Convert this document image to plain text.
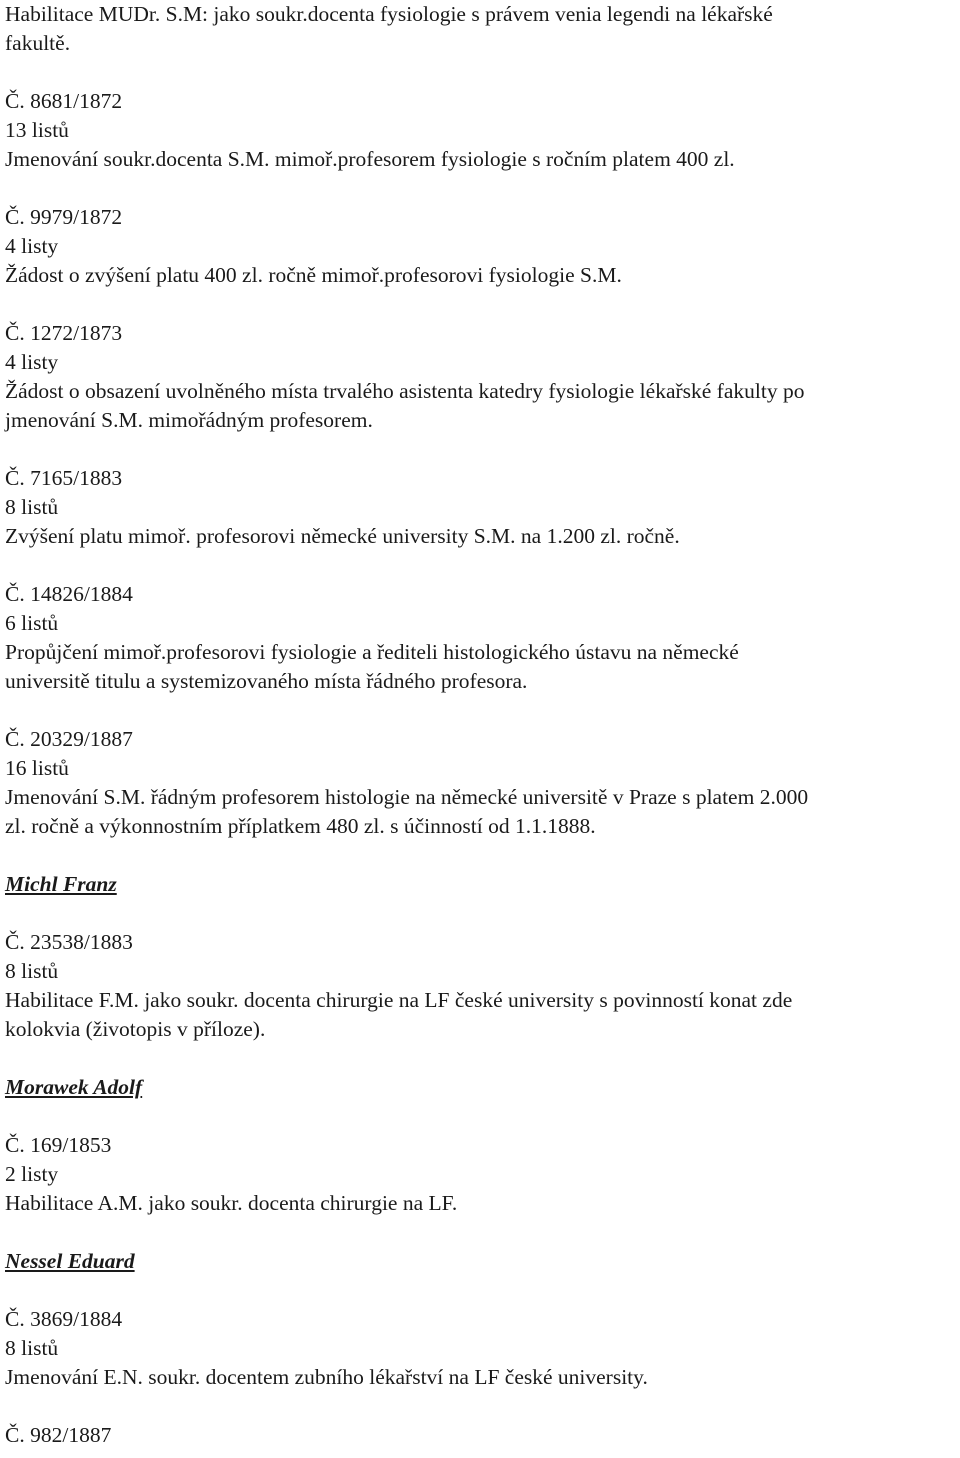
Habilitace MUDr. S.M: jako soukr.docenta fysiologie s právem venia legendi na lékařské
fakultě.
Č. 8681/1872
13 listů
Jmenování soukr.docenta S.M. mimoř.profesorem fysiologie s ročním platem 400 zl.
Č. 9979/1872
4 listy
Žádost o zvýšení platu 400 zl. ročně mimoř.profesorovi fysiologie S.M.
Č. 1272/1873
4 listy
Žádost o obsazení uvolněného místa trvalého asistenta katedry fysiologie lékařské fakulty po
jmenování S.M. mimořádným profesorem.
Č. 7165/1883
8 listů
Zvýšení platu mimoř. profesorovi německé university S.M. na 1.200 zl. ročně.
Č. 14826/1884
6 listů
Propůjčení mimoř.profesorovi fysiologie a řediteli histologického ústavu na německé
universitě titulu a systemizovaného místa řádného profesora.
Č. 20329/1887
16 listů
Jmenování S.M. řádným profesorem histologie na německé universitě v Praze s platem 2.000
zl. ročně a výkonnostním příplatkem 480 zl. s účinností od 1.1.1888.
Michl Franz
Č. 23538/1883
8 listů
Habilitace F.M. jako soukr. docenta chirurgie na LF české university s povinností konat zde
kolokvia (životopis v příloze).
Morawek Adolf
Č. 169/1853
2 listy
Habilitace A.M. jako soukr. docenta chirurgie na LF.
Nessel Eduard
Č. 3869/1884
8 listů
Jmenování E.N. soukr. docentem zubního lékařství na LF české university.
Č. 982/1887
